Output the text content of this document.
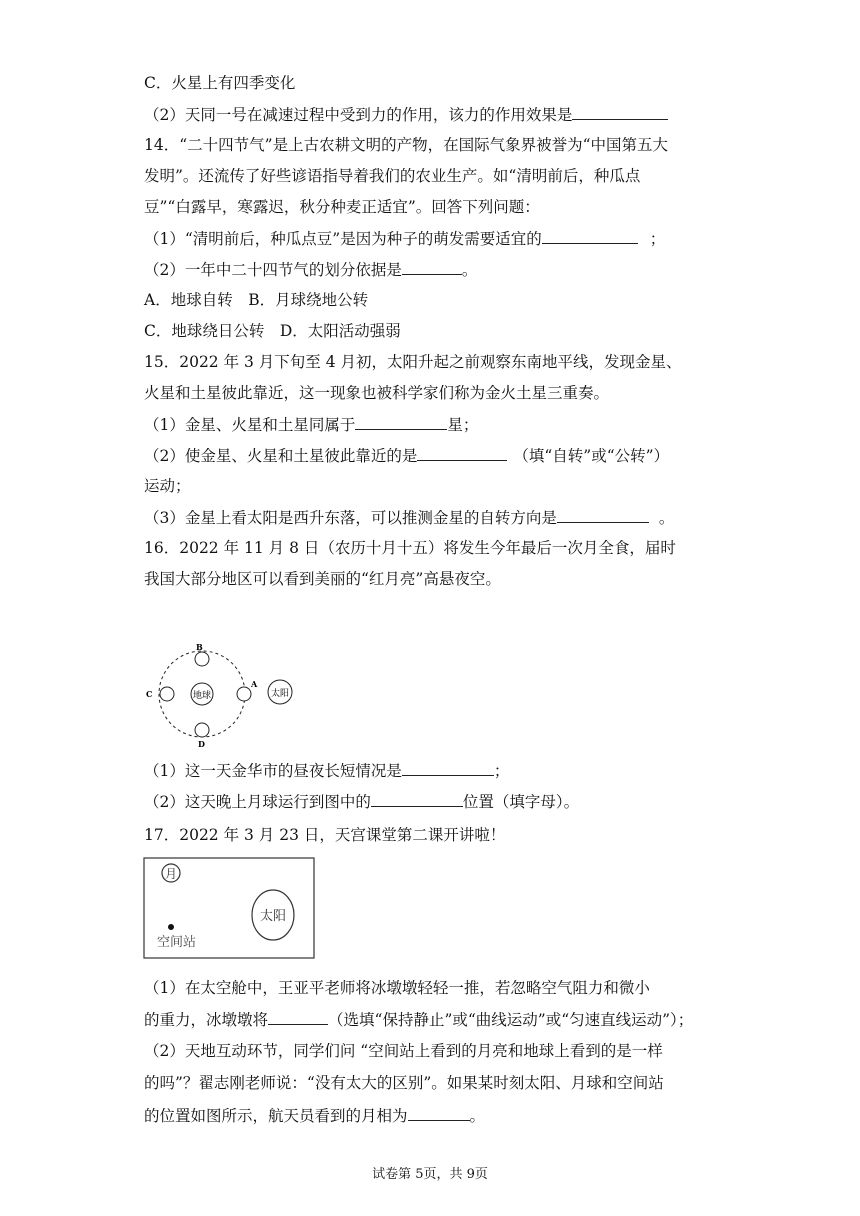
C．火星上有四季变化
（2）天同一号在减速过程中受到力的作用，该力的作用效果是
14．“二十四节气”是上古农耕文明的产物，在国际气象界被誉为“中国第五大
发明”。还流传了好些谚语指导着我们的农业生产。如“清明前后，种瓜点
豆”“白露早，寒露迟，秋分种麦正适宜”。回答下列问题：
（1）“清明前后，种瓜点豆”是因为种子的萌发需要适宜的	；
（2）一年中二十四节气的划分依据是	。
A．地球自转　B．月球绕地公转
C．地球绕日公转　D．太阳活动强弱
15．2022 年 3 月下旬至 4 月初，太阳升起之前观察东南地平线，发现金星、
火星和土星彼此靠近，这一现象也被科学家们称为金火土星三重奏。
（1）金星、火星和土星同属于	星；
（2）使金星、火星和土星彼此靠近的是	（填“自转”或“公转”）
运动；
（3）金星上看太阳是西升东落，可以推测金星的自转方向是	。
16．2022 年 11 月 8 日（农历十月十五）将发生今年最后一次月全食，届时
我国大部分地区可以看到美丽的“红月亮”高悬夜空。
地球
B
D
C
A
太阳
（1）这一天金华市的昼夜长短情况是	；
（2）这天晚上月球运行到图中的	位置（填字母）。
17．2022 年 3 月 23 日，天宫课堂第二课开讲啦！
月
太阳
空间站
（1）在太空舱中，王亚平老师将冰墩墩轻轻一推，若忽略空气阻力和微小
的重力，冰墩墩将	（选填“保持静止”或“曲线运动”或“匀速直线运动”）；
（2）天地互动环节，同学们问 “空间站上看到的月亮和地球上看到的是一样
的吗”？翟志刚老师说：“没有太大的区别”。如果某时刻太阳、月球和空间站
的位置如图所示，航天员看到的月相为	。
试卷第 5页，共 9页
